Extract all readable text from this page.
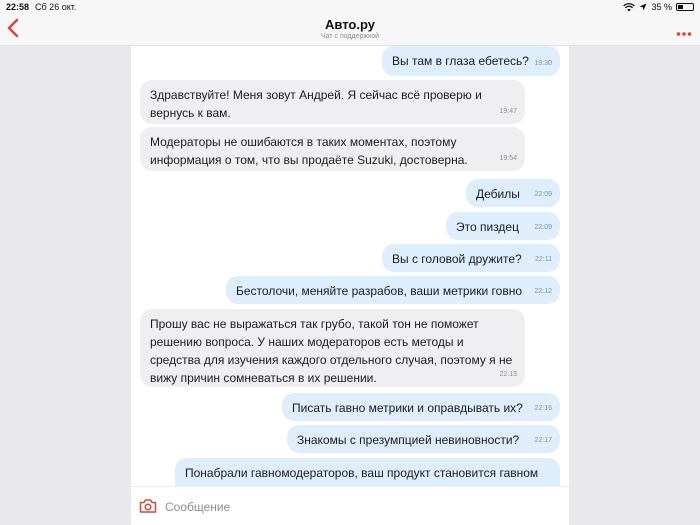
22:58 Сб 26 окт.	35 %
Авто.ру
Чат с поддержкой
Вы там в глаза ебетесь? 19:30
Здравствуйте! Меня зовут Андрей. Я сейчас всё проверю и вернусь к вам.	19:47
Модераторы не ошибаются в таких моментах, поэтому информация о том, что вы продаёте Suzuki, достоверна.	19:54
Дебилы 22:09
Это пиздец 22:09
Вы с головой дружите? 22:11
Бестолочи, меняйте разрабов, ваши метрики говно 22:12
Прошу вас не выражаться так грубо, такой тон не поможет решению вопроса. У наших модераторов есть методы и средства для изучения каждого отдельного случая, поэтому я не вижу причин сомневаться в их решении.	22:13
Писать гавно метрики и оправдывать их? 22:16
Знакомы с презумпцией невиновности? 22:17
Понабрали гавномодераторов, ваш продукт становится гавном
Сообщение
